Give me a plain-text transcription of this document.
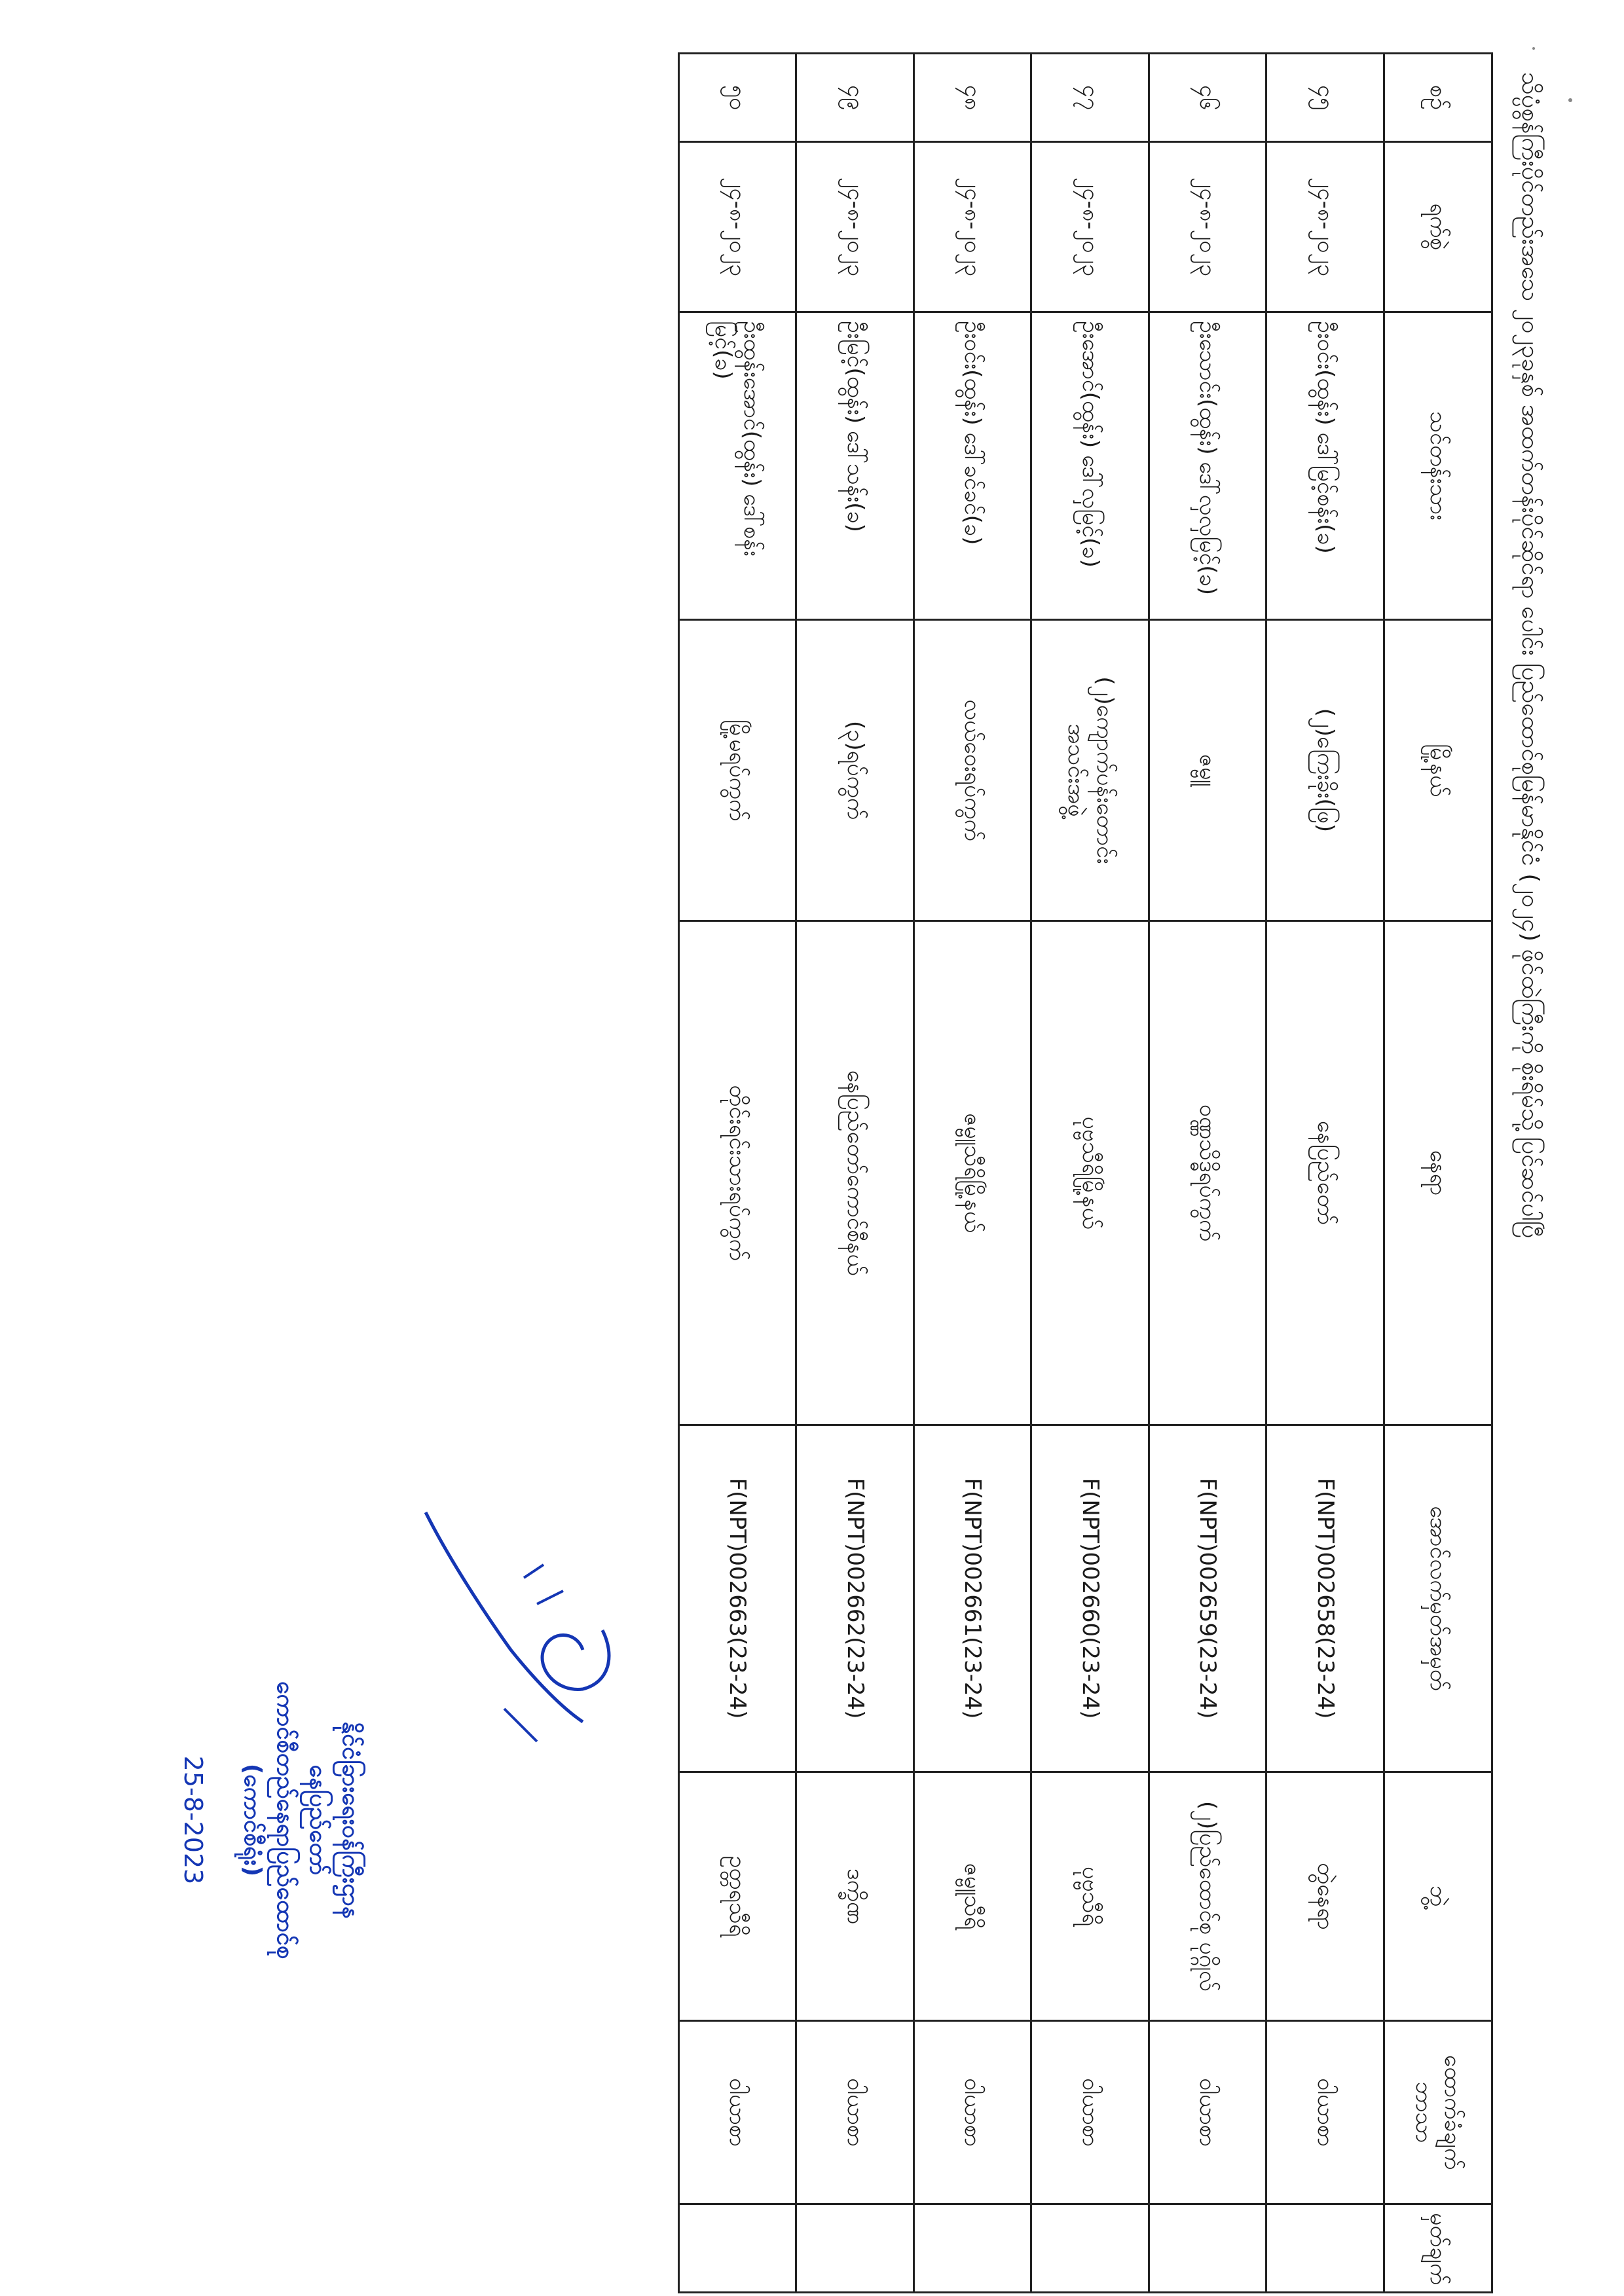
သိပ္ပံစွန်ကြီးပိုင်တည်းအသေ ၂၀၂၃ခုနှစ် အထက်တန်းပိုင်ဆိုင်ရာ ပေါင်း ပြည်ထောင်စုမြန်မာနိုင်ငံ (၂၀၂၄) ဖိုင်ထဲကြီးကို စိုးရိမ်သို့ပြင်ဆင်ပါပြီ
စဉ်	ရက်စွဲ	သင်တန်းသား	မြို့နယ်	နေရာ	အောင်လက်မှတ်အမှတ်	ဘွဲ့	ထောက်ခံချက် ဘာသာ	မှတ်ချက်
၄၅	၂၄-၈-၂၀၂၃	ဦးဝင်း(ထွန်း) ဒေါ်မြင့်စန်း(ခ)	(၂)ကြေးခိုး(ဖြ)	နေပြည်တော်	F(NPT)002658(23-24)	တွဲနေရာ	ဝါယာစာ	
၄၆	၂၄-၈-၂၀၂၃	ဦးသောင်း(ထွန်း) ဒေါ်လှလှမြင့်(ခ)	ဇမ္ဗူ	ဝဏ္ဏသိဒ္ဓိရပ်ကွက်	F(NPT)002659(23-24)	(၂)ပြည်ထောင်စု ပုဂ္ဂိုလ်	ဝါယာစာ	
၄၇	၂၄-၈-၂၀၂၃	ဦးအောင်(ထွန်း) ဒေါ်လှမြင့်(ခ)	(၂)ကျောက်ပန်းတောင်း အသင်းအဖွဲ့	ပုဗ္ဗသီရိမြို့နယ်	F(NPT)002660(23-24)	ပုဗ္ဗသီရိ	ဝါယာစာ	
၄၈	၂၄-၈-၂၀၂၃	ဦးဝင်း(ထွန်း) ဒေါ်ခင်ခင်(ခ)	လယ်ဝေးရပ်ကွက်	ဇမ္ဗူသီရိမြို့နယ်	F(NPT)002661(23-24)	ဇမ္ဗူသီရိ	ဝါယာစာ	
၄၉	၂၄-၈-၂၀၂၃	ဦးမြင့်(ထွန်း) ဒေါ်သန်း(ခ)	(၃)ရပ်ကွက်	နေပြည်တော်ကောင်စီနယ်	F(NPT)002662(23-24)	ဒက္ခိဏ	ဝါယာစာ	
၅၀	၂၄-၈-၂၀၂၃	ဦးထွန်းအောင်(ထွန်း) ဒေါ်စန်းမြင့်(ခ)	မြို့မရပ်ကွက်	တိုင်းရင်းသားရပ်ကွက်	F(NPT)002663(23-24)	ဥတ္တရသီရိ	ဝါယာစာ	
နိုင်ငံခြားရေးဝန်ကြီးဌာန
နေပြည်တော်
ကောင်စီတည်နေရာပြည်ထောင်စု
(ကောင်စီရုံး)
25-8-2023
